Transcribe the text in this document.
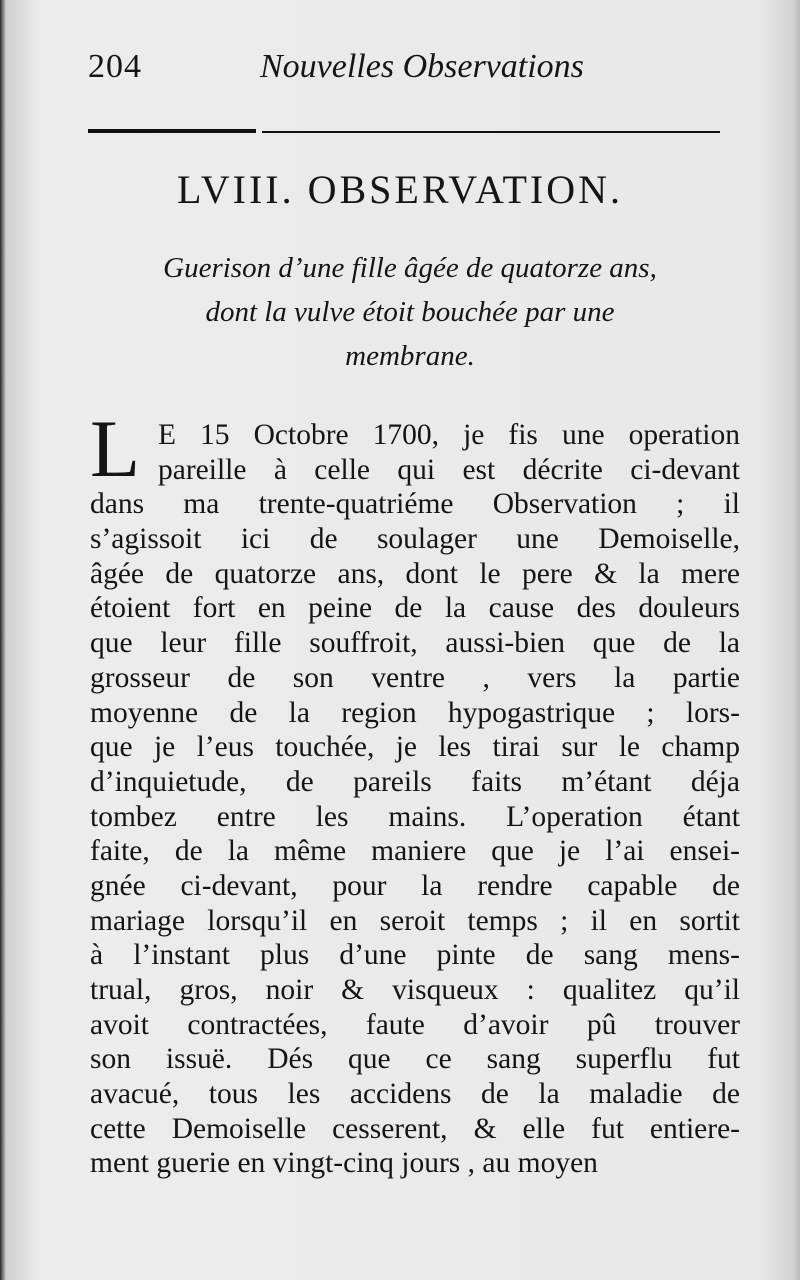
204	Nouvelles Observations
LVIII. OBSERVATION.
Guerison d’une fille âgée de quatorze ans,
dont la vulve étoit bouchée par une
membrane.
L E 15 Octobre 1700, je fis une operation
pareille à celle qui est décrite ci-devant
dans ma trente-quatriéme Observation ; il
s’agissoit ici de soulager une Demoiselle,
âgée de quatorze ans, dont le pere & la mere
étoient fort en peine de la cause des douleurs
que leur fille souffroit, aussi-bien que de la
grosseur de son ventre , vers la partie
moyenne de la region hypogastrique ; lors-
que je l’eus touchée, je les tirai sur le champ
d’inquietude, de pareils faits m’étant déja
tombez entre les mains. L’operation étant
faite, de la même maniere que je l’ai ensei-
gnée ci-devant, pour la rendre capable de
mariage lorsqu’il en seroit temps ; il en sortit
à l’instant plus d’une pinte de sang mens-
trual, gros, noir & visqueux : qualitez qu’il
avoit contractées, faute d’avoir pû trouver
son issuë. Dés que ce sang superflu fut
avacué, tous les accidens de la maladie de
cette Demoiselle cesserent, & elle fut entiere-
ment guerie en vingt-cinq jours , au moyen
